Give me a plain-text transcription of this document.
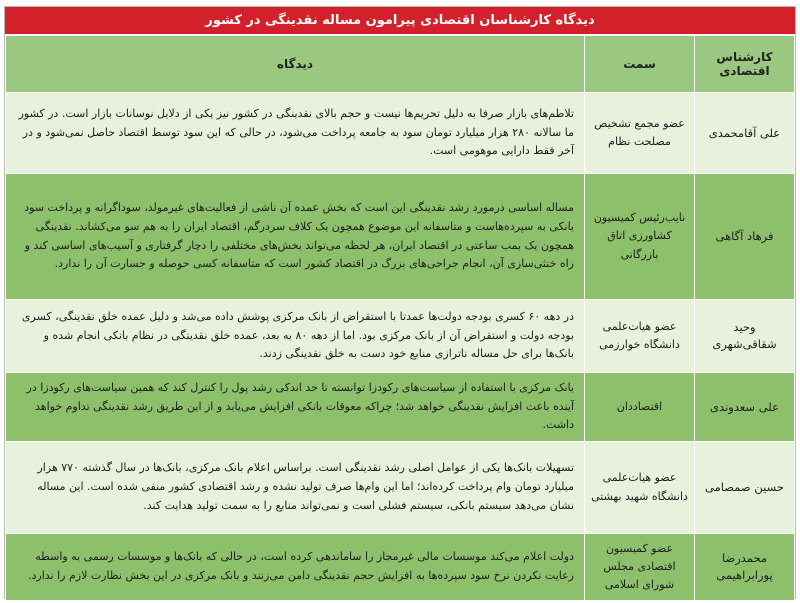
دیدگاه کارشناسان اقتصادی پیرامون مساله نقدینگی در کشور
کارشناس اقتصادی	سمت	دیدگاه
علی آقامحمدی	عضو مجمع تشخیص مصلحت نظام	تلاطم‌های بازار صرفا به دلیل تحریم‌ها نیست و حجم بالای نقدینگی در کشور نیز یکی از دلایل نوسانات بازار است. در کشور ما سالانه ۲۸۰ هزار میلیارد تومان سود به جامعه پرداخت می‌شود، در حالی که این سود توسط اقتصاد حاصل نمی‌شود و در آخر فقط دارایی موهومی است.
فرهاد آگاهی	نایب‌رئیس کمیسیون کشاورزی اتاق بازرگانی	مساله اساسی درمورد رشد نقدینگی این است که بخش عمده آن ناشی از فعالیت‌های غیرمولد، سوداگرانه و پرداخت سود بانکی به سپرده‌هاست و متاسفانه این موضوع همچون یک کلاف سردرگم، اقتصاد ایران را به هم سو می‌کشاند. نقدینگی همچون یک بمب ساعتی در اقتصاد ایران، هر لحظه می‌تواند بخش‌های مختلفی را دچار گرفتاری و آسیب‌های اساسی کند و راه خنثی‌سازی آن، انجام جراحی‌های بزرگ در اقتصاد کشور است که متاسفانه کسی حوصله و جسارت آن را ندارد.
وحید شقاقی‌شهری	عضو هیات‌علمی دانشگاه خوارزمی	در دهه ۶۰ کسری بودجه دولت‌ها عمدتا با استقراض از بانک مرکزی پوشش داده می‌شد و دلیل عمده خلق نقدینگی، کسری بودجه دولت و استقراض آن از بانک مرکزی بود. اما از دهه ۸۰ به بعد، عمده خلق نقدینگی در نظام بانکی انجام شده و بانک‌ها برای حل مساله ناترازی منابع خود دست به خلق نقدینگی زدند.
علی سعدوندی	اقتصاددان	بانک مرکزی با استفاده از سیاست‌های رکودزا توانسته تا حد اندکی رشد پول را کنترل کند که همین سیاست‌های رکودزا در آینده باعث افزایش نقدینگی خواهد شد؛ چراکه معوقات بانکی افزایش می‌یابد و از این طریق رشد نقدینگی تداوم خواهد داشت.
حسین صمصامی	عضو هیات‌علمی دانشگاه شهید بهشتی	تسهیلات بانک‌ها یکی از عوامل اصلی رشد نقدینگی است. براساس اعلام بانک مرکزی، بانک‌ها در سال گذشته ۷۷۰ هزار میلیارد تومان وام پرداخت کرده‌اند؛ اما این وام‌ها صرف تولید نشده و رشد اقتصادی کشور منفی شده است. این مساله نشان می‌دهد سیستم بانکی، سیستم فشلی است و نمی‌تواند منابع را به سمت تولید هدایت کند.
محمدرضا پورابراهیمی	عضو کمیسیون اقتصادی مجلس شورای اسلامی	دولت اعلام می‌کند موسسات مالی غیرمجاز را ساماندهی کرده است، در حالی که بانک‌ها و موسسات رسمی به واسطه رعایت نکردن نرخ سود سپرده‌ها به افزایش حجم نقدینگی دامن می‌زنند و بانک مرکزی در این بخش نظارت لازم را ندارد.
